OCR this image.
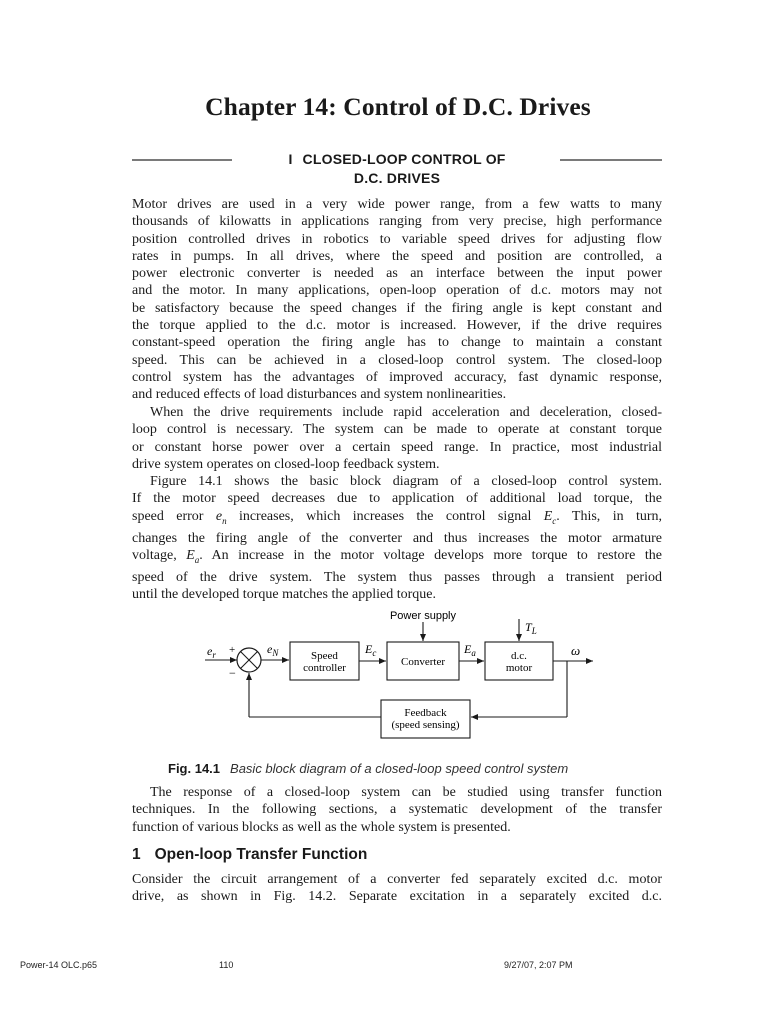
Chapter 14: Control of D.C. Drives
I CLOSED-LOOP CONTROL OF
D.C. DRIVES

Motor drives are used in a very wide power range, from a few watts to many
thousands of kilowatts in applications ranging from very precise, high performance
position controlled drives in robotics to variable speed drives for adjusting flow
rates in pumps. In all drives, where the speed and position are controlled, a
power electronic converter is needed as an interface between the input power
and the motor. In many applications, open-loop operation of d.c. motors may not
be satisfactory because the speed changes if the firing angle is kept constant and
the torque applied to the d.c. motor is increased. However, if the drive requires
constant-speed operation the firing angle has to change to maintain a constant
speed. This can be achieved in a closed-loop control system. The closed-loop
control system has the advantages of improved accuracy, fast dynamic response,
and reduced effects of load disturbances and system nonlinearities.

When the drive requirements include rapid acceleration and deceleration, closed-
loop control is necessary. The system can be made to operate at constant torque
or constant horse power over a certain speed range. In practice, most industrial
drive system operates on closed-loop feedback system.

Figure 14.1 shows the basic block diagram of a closed-loop control system.
If the motor speed decreases due to application of additional load torque, the
speed error $e_n$ increases, which increases the control signal $E_c$. This, in turn,
changes the firing angle of the converter and thus increases the motor armature
voltage, $E_a$. An increase in the motor voltage develops more torque to restore the
speed of the drive system. The system thus passes through a transient period
until the developed torque matches the applied torque.

Power supply
$T_L$
$e_r$ +
−
$e_N$	Speed
controller
$E_c$
Converter
$E_a$	d.c.
motor
ω
Feedback
(speed sensing)
Fig. 14.1 Basic block diagram of a closed-loop speed control system

The response of a closed-loop system can be studied using transfer function
techniques. In the following sections, a systematic development of the transfer
function of various blocks as well as the whole system is presented.

1 Open-loop Transfer Function

Consider the circuit arrangement of a converter fed separately excited d.c. motor
drive, as shown in Fig. 14.2. Separate excitation in a separately excited d.c.

Power-14 OLC.p65	110	9/27/07, 2:07 PM
